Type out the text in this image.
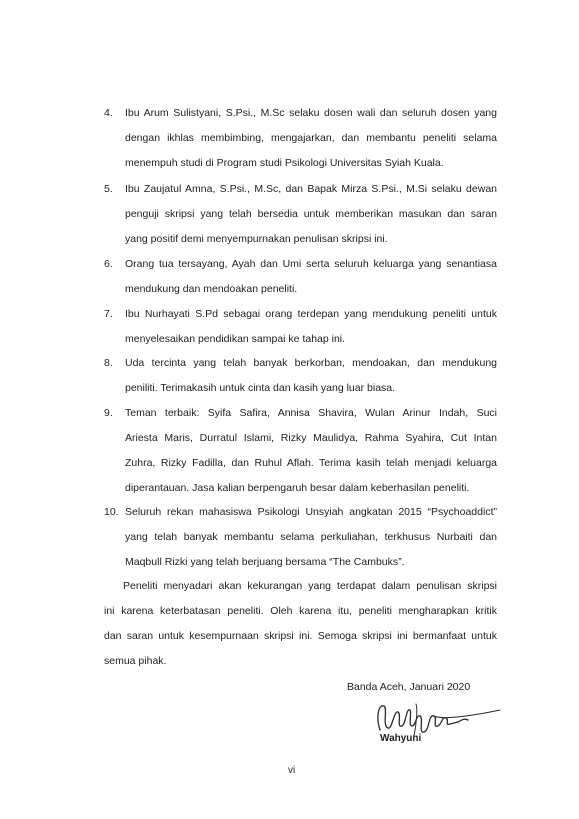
4. Ibu Arum Sulistyani, S.Psi., M.Sc selaku dosen wali dan seluruh dosen yang
dengan ikhlas membimbing, mengajarkan, dan membantu peneliti selama
menempuh studi di Program studi Psikologi Universitas Syiah Kuala.
5. Ibu Zaujatul Amna, S.Psi., M.Sc, dan Bapak Mirza S.Psi., M.Si selaku dewan
penguji skripsi yang telah bersedia untuk memberikan masukan dan saran
yang positif demi menyempurnakan penulisan skripsi ini.
6. Orang tua tersayang, Ayah dan Umi serta seluruh keluarga yang senantiasa
mendukung dan mendoakan peneliti.
7. Ibu Nurhayati S.Pd sebagai orang terdepan yang mendukung peneliti untuk
menyelesaikan pendidikan sampai ke tahap ini.
8. Uda tercinta yang telah banyak berkorban, mendoakan, dan mendukung
peniliti. Terimakasih untuk cinta dan kasih yang luar biasa.
9. Teman terbaik: Syifa Safira, Annisa Shavira, Wulan Arinur Indah, Suci
Ariesta Maris, Durratul Islami, Rizky Maulidya, Rahma Syahira, Cut Intan
Zuhra, Rizky Fadilla, dan Ruhul Aflah. Terima kasih telah menjadi keluarga
diperantauan. Jasa kalian berpengaruh besar dalam keberhasilan peneliti.
10. Seluruh rekan mahasiswa Psikologi Unsyiah angkatan 2015 “Psychoaddict”
yang telah banyak membantu selama perkuliahan, terkhusus Nurbaiti dan
Maqbull Rizki yang telah berjuang bersama “The Cambuks”.
Peneliti menyadari akan kekurangan yang terdapat dalam penulisan skripsi
ini karena keterbatasan peneliti. Oleh karena itu, peneliti mengharapkan kritik
dan saran untuk kesempurnaan skripsi ini. Semoga skripsi ini bermanfaat untuk
semua pihak.
Banda Aceh, Januari 2020
Wahyuni
vi
